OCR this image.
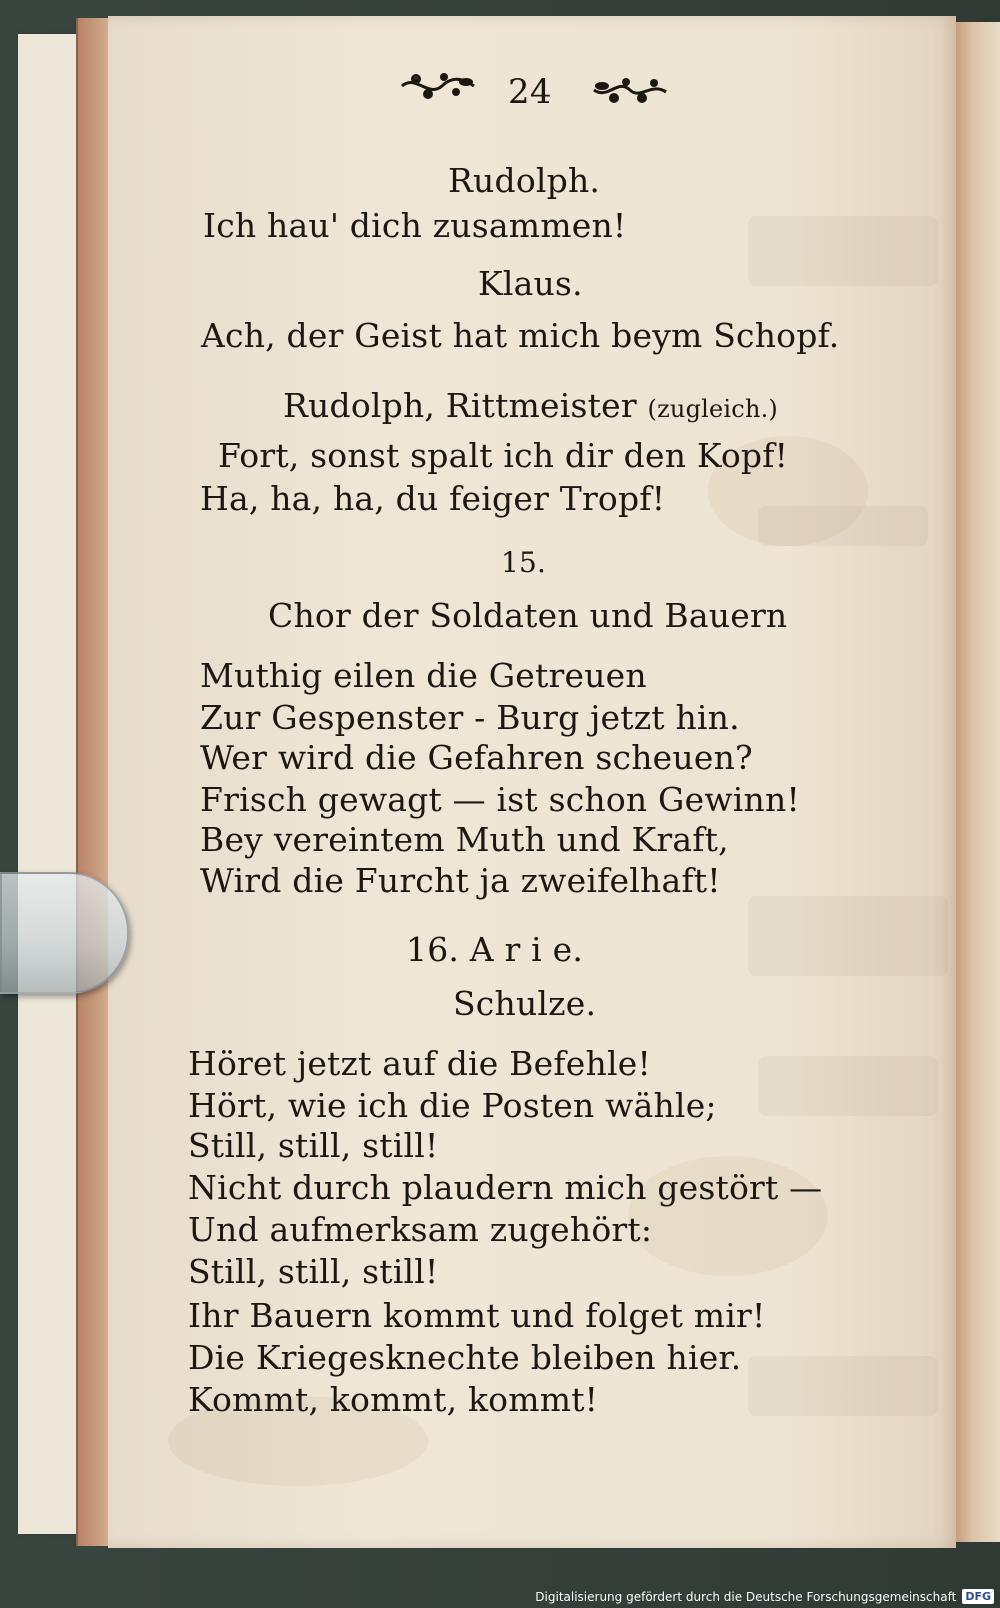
24
Rudolph.
Ich hau' dich zusammen!
Klaus.
Ach, der Geist hat mich beym Schopf.
Rudolph, Rittmeister (zugleich.)
Fort, sonst spalt ich dir den Kopf!
Ha, ha, ha, du feiger Tropf!
15.
Chor der Soldaten und Bauern
Muthig eilen die Getreuen
Zur Gespenster - Burg jetzt hin.
Wer wird die Gefahren scheuen?
Frisch gewagt — ist schon Gewinn!
Bey vereintem Muth und Kraft,
Wird die Furcht ja zweifelhaft!
16. A r i e.
Schulze.
Höret jetzt auf die Befehle!
Hört, wie ich die Posten wähle;
Still, still, still!
Nicht durch plaudern mich gestört —
Und aufmerksam zugehört:
Still, still, still!
Ihr Bauern kommt und folget mir!
Die Kriegesknechte bleiben hier.
Kommt, kommt, kommt!
Digitalisierung gefördert durch die Deutsche Forschungsgemeinschaft DFG
